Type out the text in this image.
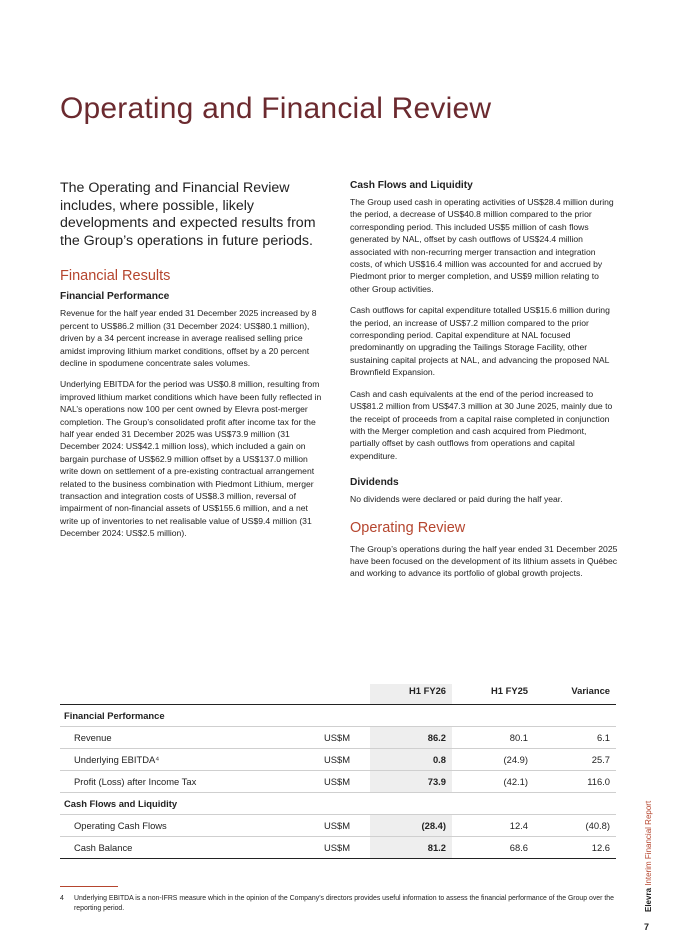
Operating and Financial Review

The Operating and Financial Review includes, where possible, likely developments and expected results from the Group’s operations in future periods.

Financial Results
Financial Performance

Revenue for the half year ended 31 December 2025 increased by 8 percent to US$86.2 million (31 December 2024: US$80.1 million), driven by a 34 percent increase in average realised selling price amidst improving lithium market conditions, offset by a 20 percent decline in spodumene concentrate sales volumes.

Underlying EBITDA for the period was US$0.8 million, resulting from improved lithium market conditions which have been fully reflected in NAL’s operations now 100 per cent owned by Elevra post-merger completion. The Group’s consolidated profit after income tax for the half year ended 31 December 2025 was US$73.9 million (31 December 2024: US$42.1 million loss), which included a gain on bargain purchase of US$62.9 million offset by a US$137.0 million write down on settlement of a pre-existing contractual arrangement related to the business combination with Piedmont Lithium, merger transaction and integration costs of US$8.3 million, reversal of impairment of non-financial assets of US$155.6 million, and a net write up of inventories to net realisable value of US$9.4 million (31 December 2024: US$2.5 million).

Cash Flows and Liquidity

The Group used cash in operating activities of US$28.4 million during the period, a decrease of US$40.8 million compared to the prior corresponding period. This included US$5 million of cash flows generated by NAL, offset by cash outflows of US$24.4 million associated with non-recurring merger transaction and integration costs, of which US$16.4 million was accounted for and accrued by Piedmont prior to merger completion, and US$9 million relating to other Group activities.

Cash outflows for capital expenditure totalled US$15.6 million during the period, an increase of US$7.2 million compared to the prior corresponding period. Capital expenditure at NAL focused predominantly on upgrading the Tailings Storage Facility, other sustaining capital projects at NAL, and advancing the proposed NAL Brownfield Expansion.

Cash and cash equivalents at the end of the period increased to US$81.2 million from US$47.3 million at 30 June 2025, mainly due to the receipt of proceeds from a capital raise completed in conjunction with the Merger completion and cash acquired from Piedmont, partially offset by cash outflows from operations and capital expenditure.

Dividends

No dividends were declared or paid during the half year.

Operating Review

The Group’s operations during the half year ended 31 December 2025 have been focused on the development of its lithium assets in Québec and working to advance its portfolio of global growth projects.

		H1 FY26	H1 FY25	Variance
Financial Performance				
Revenue	US$M	86.2	80.1	6.1
Underlying EBITDA⁴	US$M	0.8	(24.9)	25.7
Profit (Loss) after Income Tax	US$M	73.9	(42.1)	116.0
Cash Flows and Liquidity				
Operating Cash Flows	US$M	(28.4)	12.4	(40.8)
Cash Balance	US$M	81.2	68.6	12.6
4	Underlying EBITDA is a non-IFRS measure which in the opinion of the Company’s directors provides useful information to assess the financial performance of the Group over the reporting period.	Elevra Interim Financial Report
7
